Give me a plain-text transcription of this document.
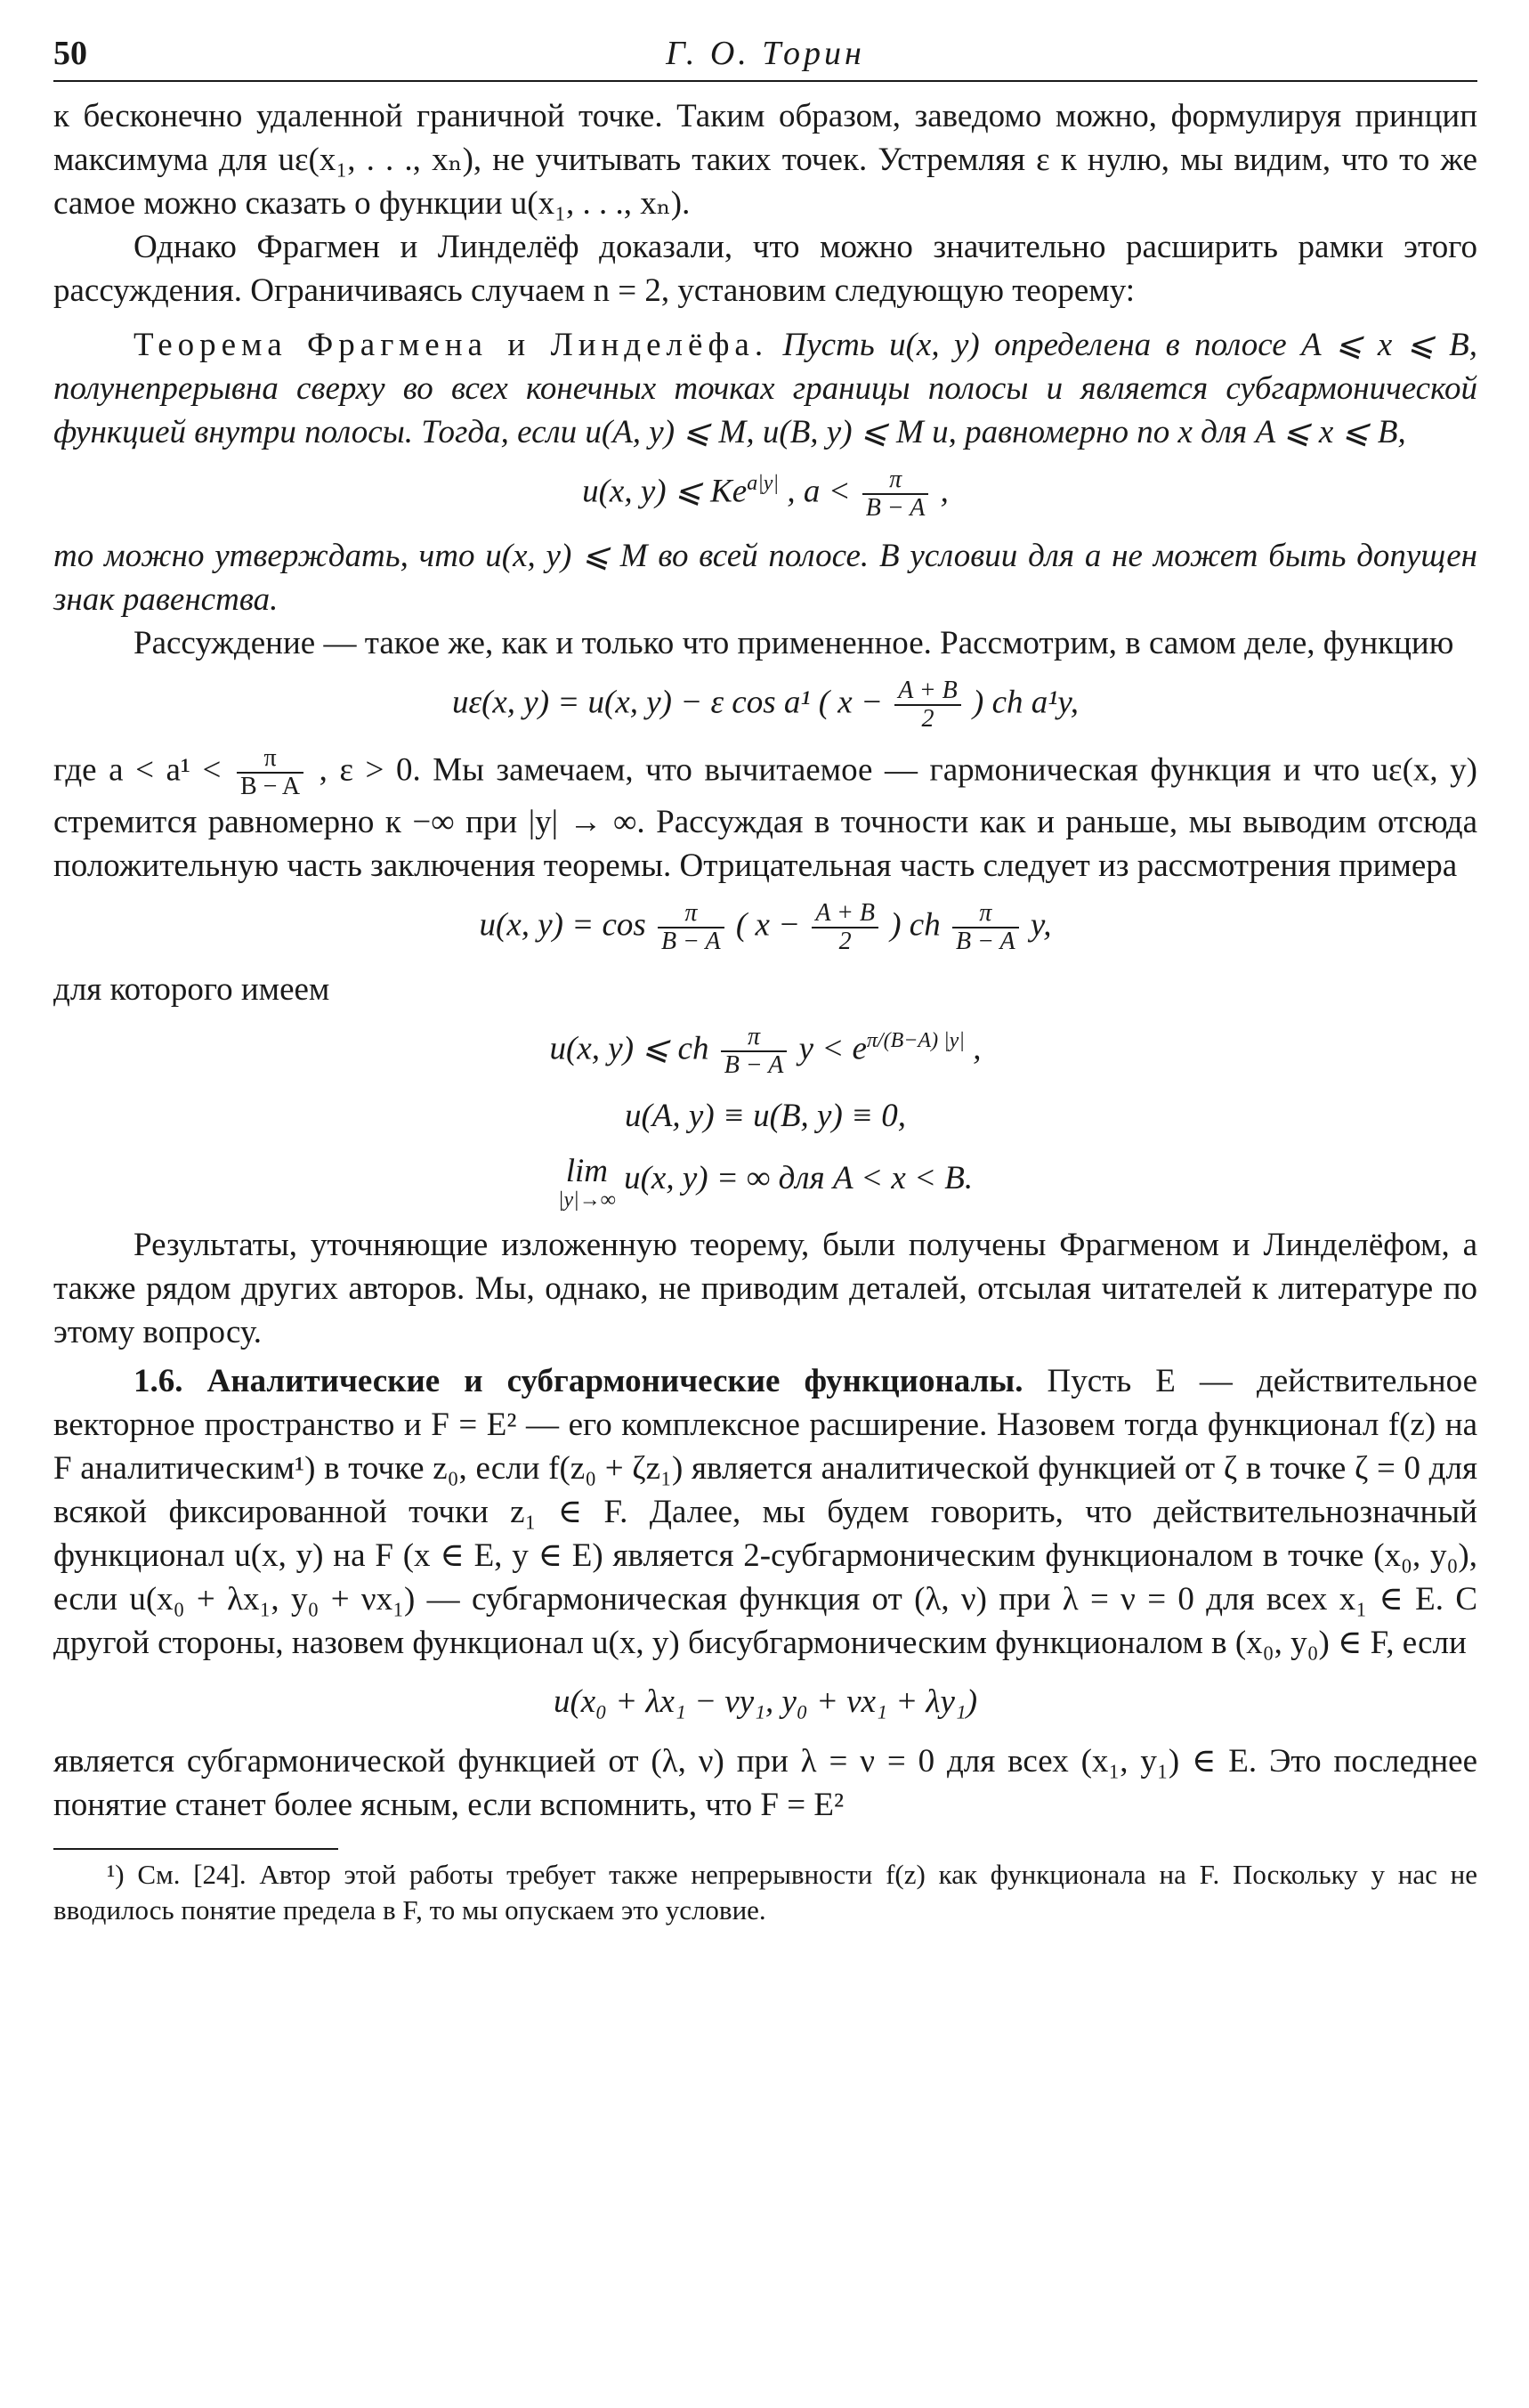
50	Г. О. Торин

к бесконечно удаленной граничной точке. Таким образом, заведомо можно, формулируя принцип максимума для uε(x₁, . . ., xₙ), не учитывать таких точек. Устремляя ε к нулю, мы видим, что то же самое можно сказать о функции u(x₁, . . ., xₙ).

Однако Фрагмен и Линделёф доказали, что можно значительно расширить рамки этого рассуждения. Ограничиваясь случаем n = 2, установим следующую теорему:

Теорема Фрагмена и Линделёфа. Пусть u(x, y) определена в полосе A ⩽ x ⩽ B, полунепрерывна сверху во всех конечных точках границы полосы и является субгармонической функцией внутри полосы. Тогда, если u(A, y) ⩽ M, u(B, y) ⩽ M и, равномерно по x для A ⩽ x ⩽ B,

u(x, y) ⩽ $Ke^{a|y|}$ , $a < \frac{\pi}{B - A}$ ,

то можно утверждать, что u(x, y) ⩽ M во всей полосе. В условии для a не может быть допущен знак равенства.

Рассуждение — такое же, как и только что примененное. Рассмотрим, в самом деле, функцию

uε(x, y) = u(x, y) − ε cos a¹ ( $x - \frac{A + B}{2}$ ) ch a¹y,

где $a < a^1 < \frac{\pi}{B - A}$ , ε > 0. Мы замечаем, что вычитаемое — гармоническая функция и что uε(x, y) стремится равномерно к −∞ при |y| → ∞. Рассуждая в точности как и раньше, мы выводим отсюда положительную часть заключения теоремы. Отрицательная часть следует из рассмотрения примера

u(x, $y) = \cos \frac{\pi}{B - A}$ ( $x - \frac{A + B}{2}$ ) ch $\frac{\pi}{B - A} y$,

для которого имеем

u(x, y) ⩽ ch $\frac{\pi}{B - A}$ $y < e^{\pi/(B-A) |y|}$ ,
u(A, y) ≡ u(B, y) ≡ 0,
lim
|y|→∞
u(x, y) = ∞ для A < x < B.

Результаты, уточняющие изложенную теорему, были получены Фрагменом и Линделёфом, а также рядом других авторов. Мы, однако, не приводим деталей, отсылая читателей к литературе по этому вопросу.

1.6. Аналитические и субгармонические функционалы. Пусть E — действительное векторное пространство и F = E² — его комплексное расширение. Назовем тогда функционал f(z) на F аналитическим¹) в точке z₀, если f(z₀ + ζz₁) является аналитической функцией от ζ в точке ζ = 0 для всякой фиксированной точки z₁ ∈ F. Далее, мы будем говорить, что действительнозначный функционал u(x, y) на F (x ∈ E, y ∈ E) является 2-субгармоническим функционалом в точке (x₀, y₀), если u(x₀ + λx₁, y₀ + νx₁) — субгармоническая функция от (λ, ν) при λ = ν = 0 для всех x₁ ∈ E. С другой стороны, назовем функционал u(x, y) бисубгармоническим функционалом в (x₀, y₀) ∈ F, если

u(x₀ + λx₁ − νy₁, y₀ + νx₁ + λy₁)

является субгармонической функцией от (λ, ν) при λ = ν = 0 для всех (x₁, y₁) ∈ E. Это последнее понятие станет более ясным, если вспомнить, что F = E²

¹) См. [24]. Автор этой работы требует также непрерывности f(z) как функционала на F. Поскольку у нас не вводилось понятие предела в F, то мы опускаем это условие.
